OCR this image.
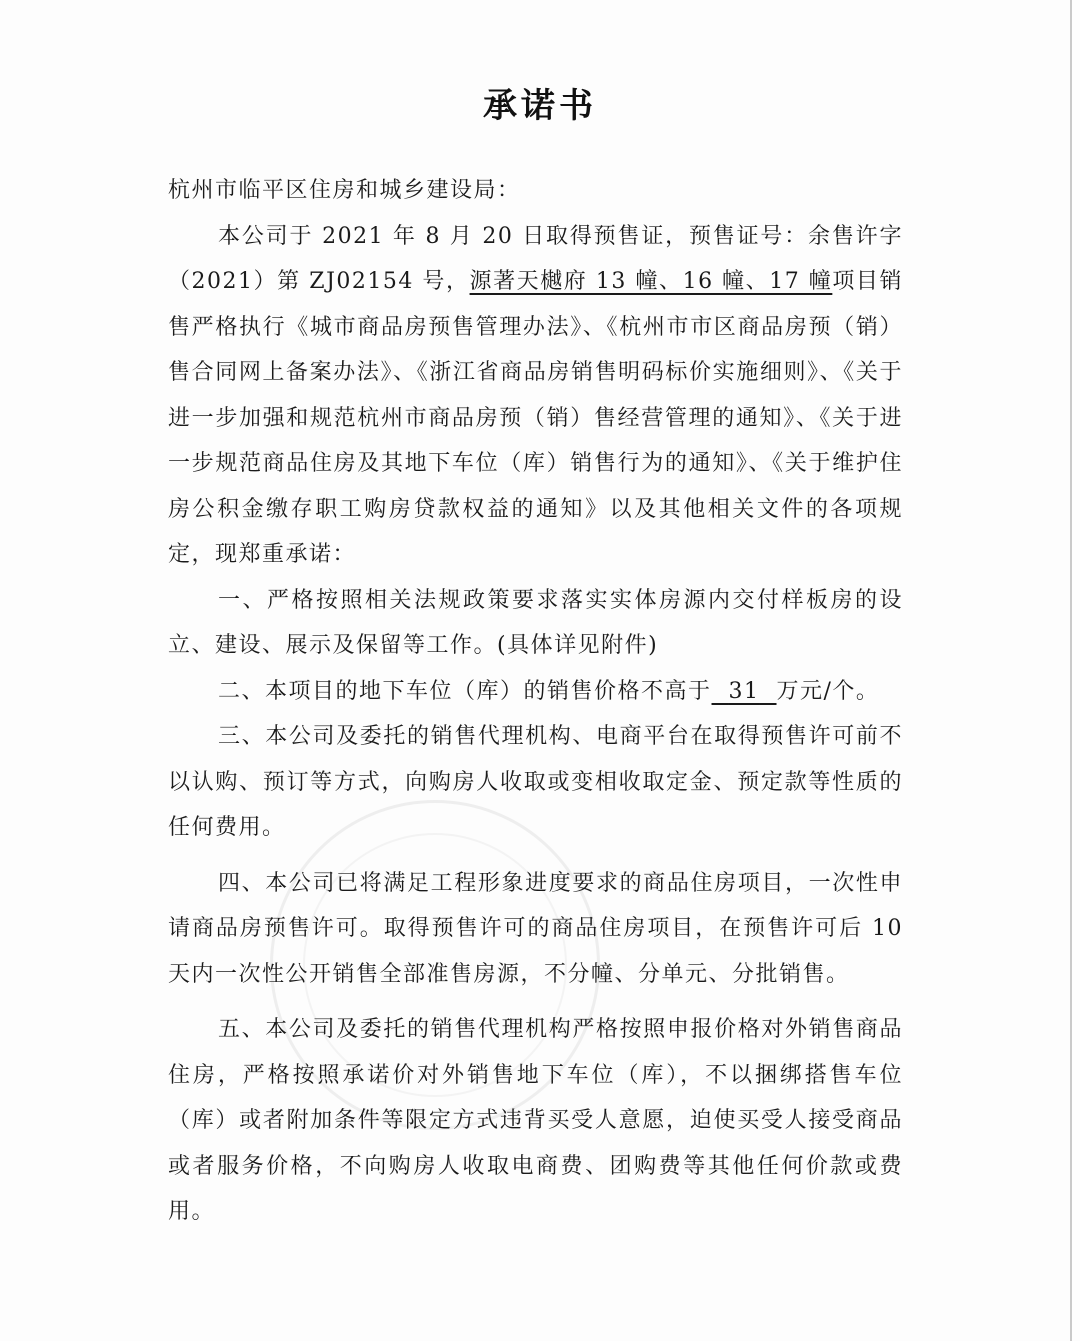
承诺书

杭州市临平区住房和城乡建设局：

本公司于 2021 年 8 月 20 日取得预售证，预售证号：余售许字（2021）第 ZJ02154 号，源著天樾府 13 幢、16 幢、17 幢项目销售严格执行《城市商品房预售管理办法》、《杭州市市区商品房预（销）售合同网上备案办法》、《浙江省商品房销售明码标价实施细则》、《关于进一步加强和规范杭州市商品房预（销）售经营管理的通知》、《关于进一步规范商品住房及其地下车位（库）销售行为的通知》、《关于维护住房公积金缴存职工购房贷款权益的通知》以及其他相关文件的各项规定，现郑重承诺：

一、严格按照相关法规政策要求落实实体房源内交付样板房的设立、建设、展示及保留等工作。(具体详见附件)

二、本项目的地下车位（库）的销售价格不高于 31 万元/个。

三、本公司及委托的销售代理机构、电商平台在取得预售许可前不以认购、预订等方式，向购房人收取或变相收取定金、预定款等性质的任何费用。

四、本公司已将满足工程形象进度要求的商品住房项目，一次性申请商品房预售许可。取得预售许可的商品住房项目，在预售许可后 10 天内一次性公开销售全部准售房源，不分幢、分单元、分批销售。

五、本公司及委托的销售代理机构严格按照申报价格对外销售商品住房，严格按照承诺价对外销售地下车位（库），不以捆绑搭售车位（库）或者附加条件等限定方式违背买受人意愿，迫使买受人接受商品或者服务价格，不向购房人收取电商费、团购费等其他任何价款或费用。
